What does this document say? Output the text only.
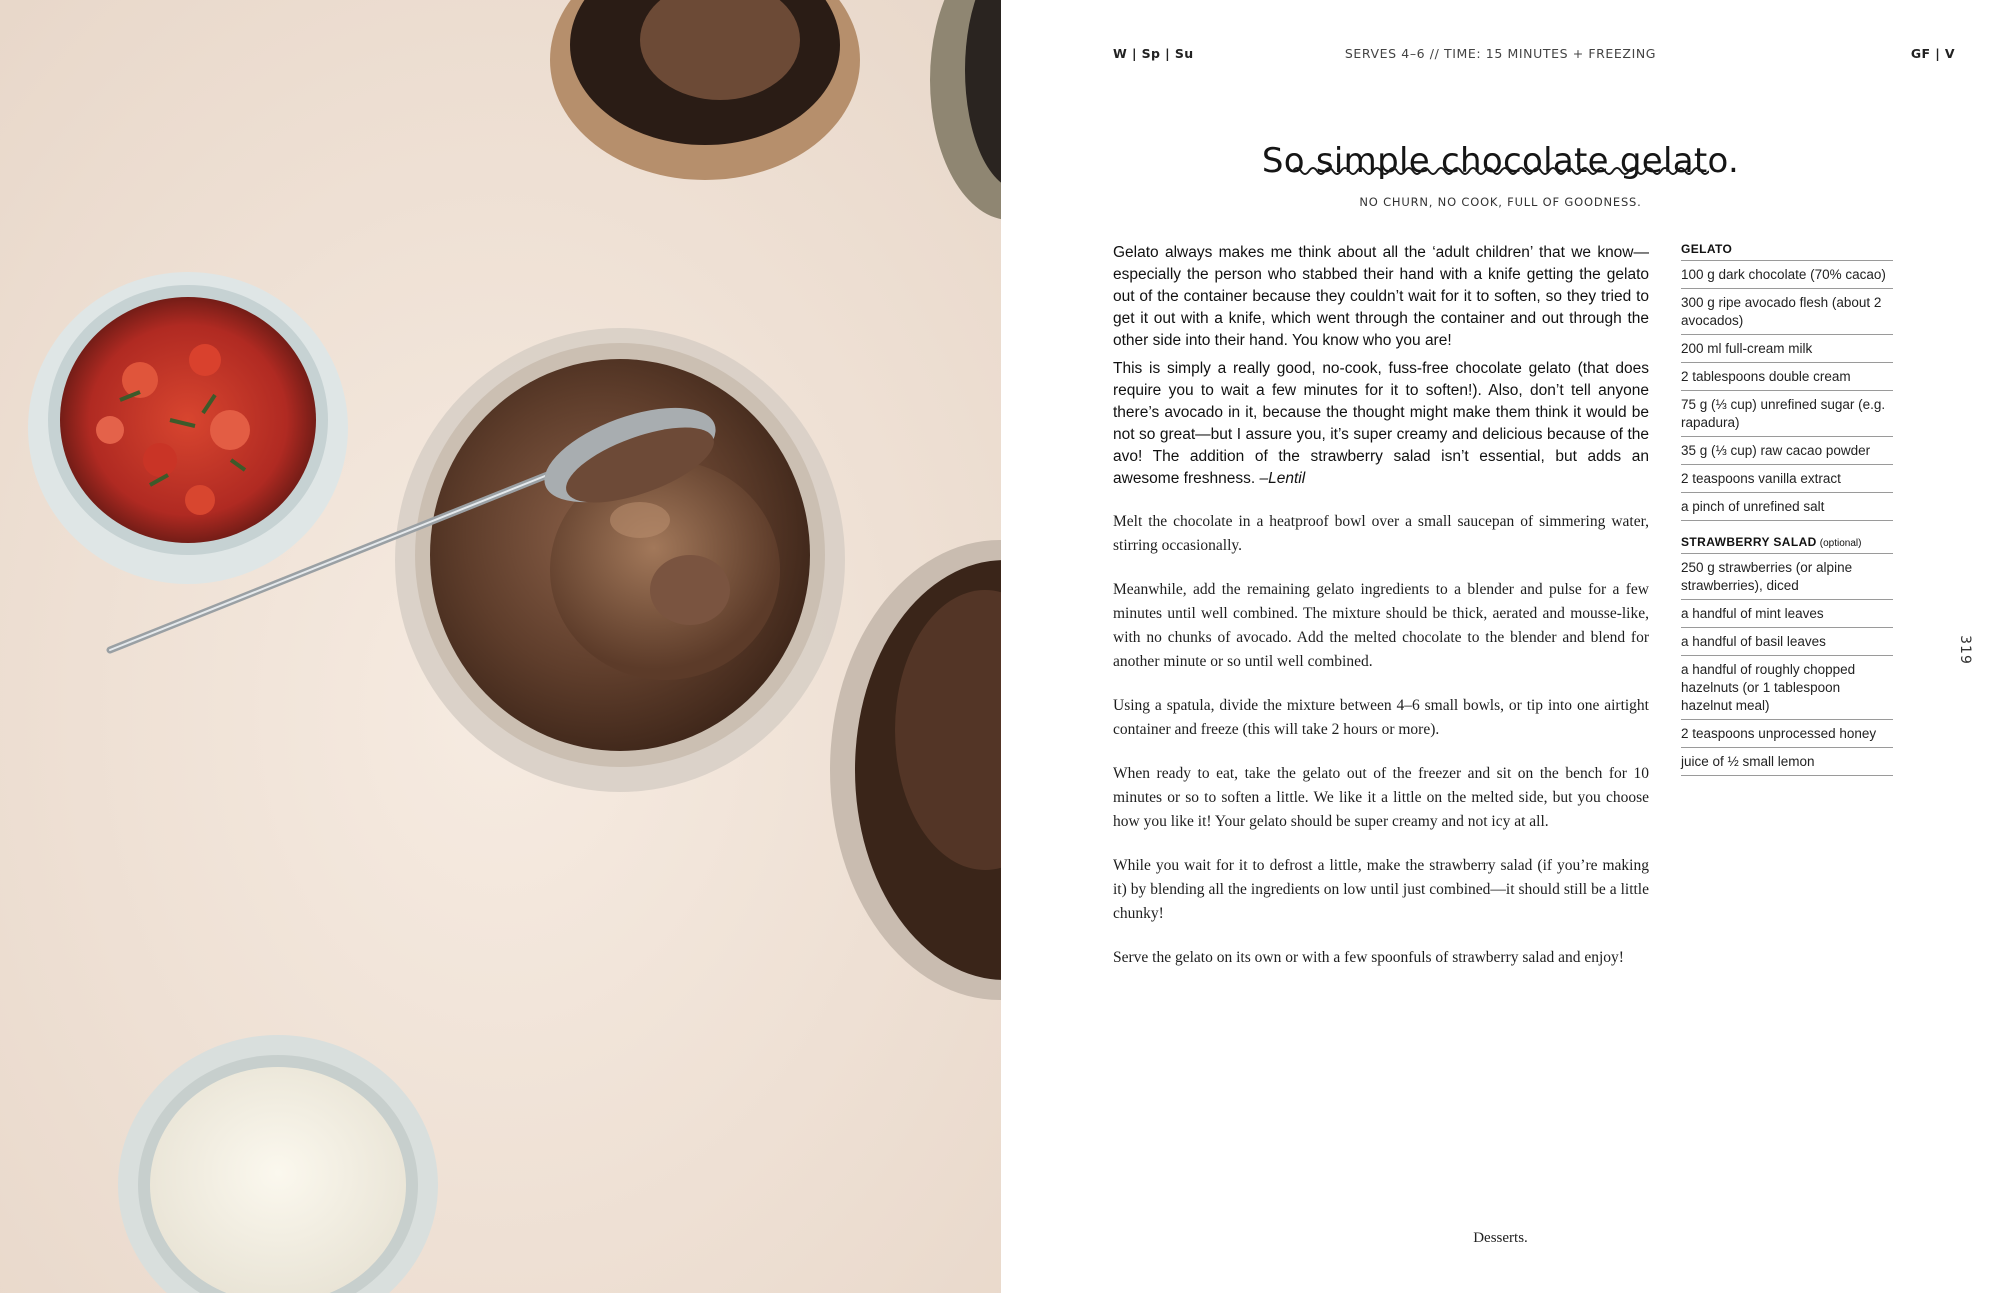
W | Sp | Su	SERVES 4–6 // TIME: 15 MINUTES + FREEZING	GF | V
So simple chocolate gelato.
NO CHURN, NO COOK, FULL OF GOODNESS.

Gelato always makes me think about all the ‘adult children’ that we know—especially the person who stabbed their hand with a knife getting the gelato out of the container because they couldn’t wait for it to soften, so they tried to get it out with a knife, which went through the container and out through the other side into their hand. You know who you are!

This is simply a really good, no-cook, fuss-free chocolate gelato (that does require you to wait a few minutes for it to soften!). Also, don’t tell anyone there’s avocado in it, because the thought might make them think it would be not so great—but I assure you, it’s super creamy and delicious because of the avo! The addition of the strawberry salad isn’t essential, but adds an awesome freshness. –Lentil

Melt the chocolate in a heatproof bowl over a small saucepan of simmering water, stirring occasionally.

Meanwhile, add the remaining gelato ingredients to a blender and pulse for a few minutes until well combined. The mixture should be thick, aerated and mousse-like, with no chunks of avocado. Add the melted chocolate to the blender and blend for another minute or so until well combined.

Using a spatula, divide the mixture between 4–6 small bowls, or tip into one airtight container and freeze (this will take 2 hours or more).

When ready to eat, take the gelato out of the freezer and sit on the bench for 10 minutes or so to soften a little. We like it a little on the melted side, but you choose how you like it! Your gelato should be super creamy and not icy at all.

While you wait for it to defrost a little, make the strawberry salad (if you’re making it) by blending all the ingredients on low until just combined—it should still be a little chunky!

Serve the gelato on its own or with a few spoonfuls of strawberry salad and enjoy!

GELATO
100 g dark chocolate (70% cacao)
300 g ripe avocado flesh (about 2 avocados)
200 ml full-cream milk
2 tablespoons double cream
75 g (⅓ cup) unrefined sugar (e.g. rapadura)
35 g (⅓ cup) raw cacao powder
2 teaspoons vanilla extract
a pinch of unrefined salt
STRAWBERRY SALAD (optional)
250 g strawberries (or alpine strawberries), diced
a handful of mint leaves
a handful of basil leaves
a handful of roughly chopped hazelnuts (or 1 tablespoon hazelnut meal)
2 teaspoons unprocessed honey
juice of ½ small lemon
319
Desserts.
